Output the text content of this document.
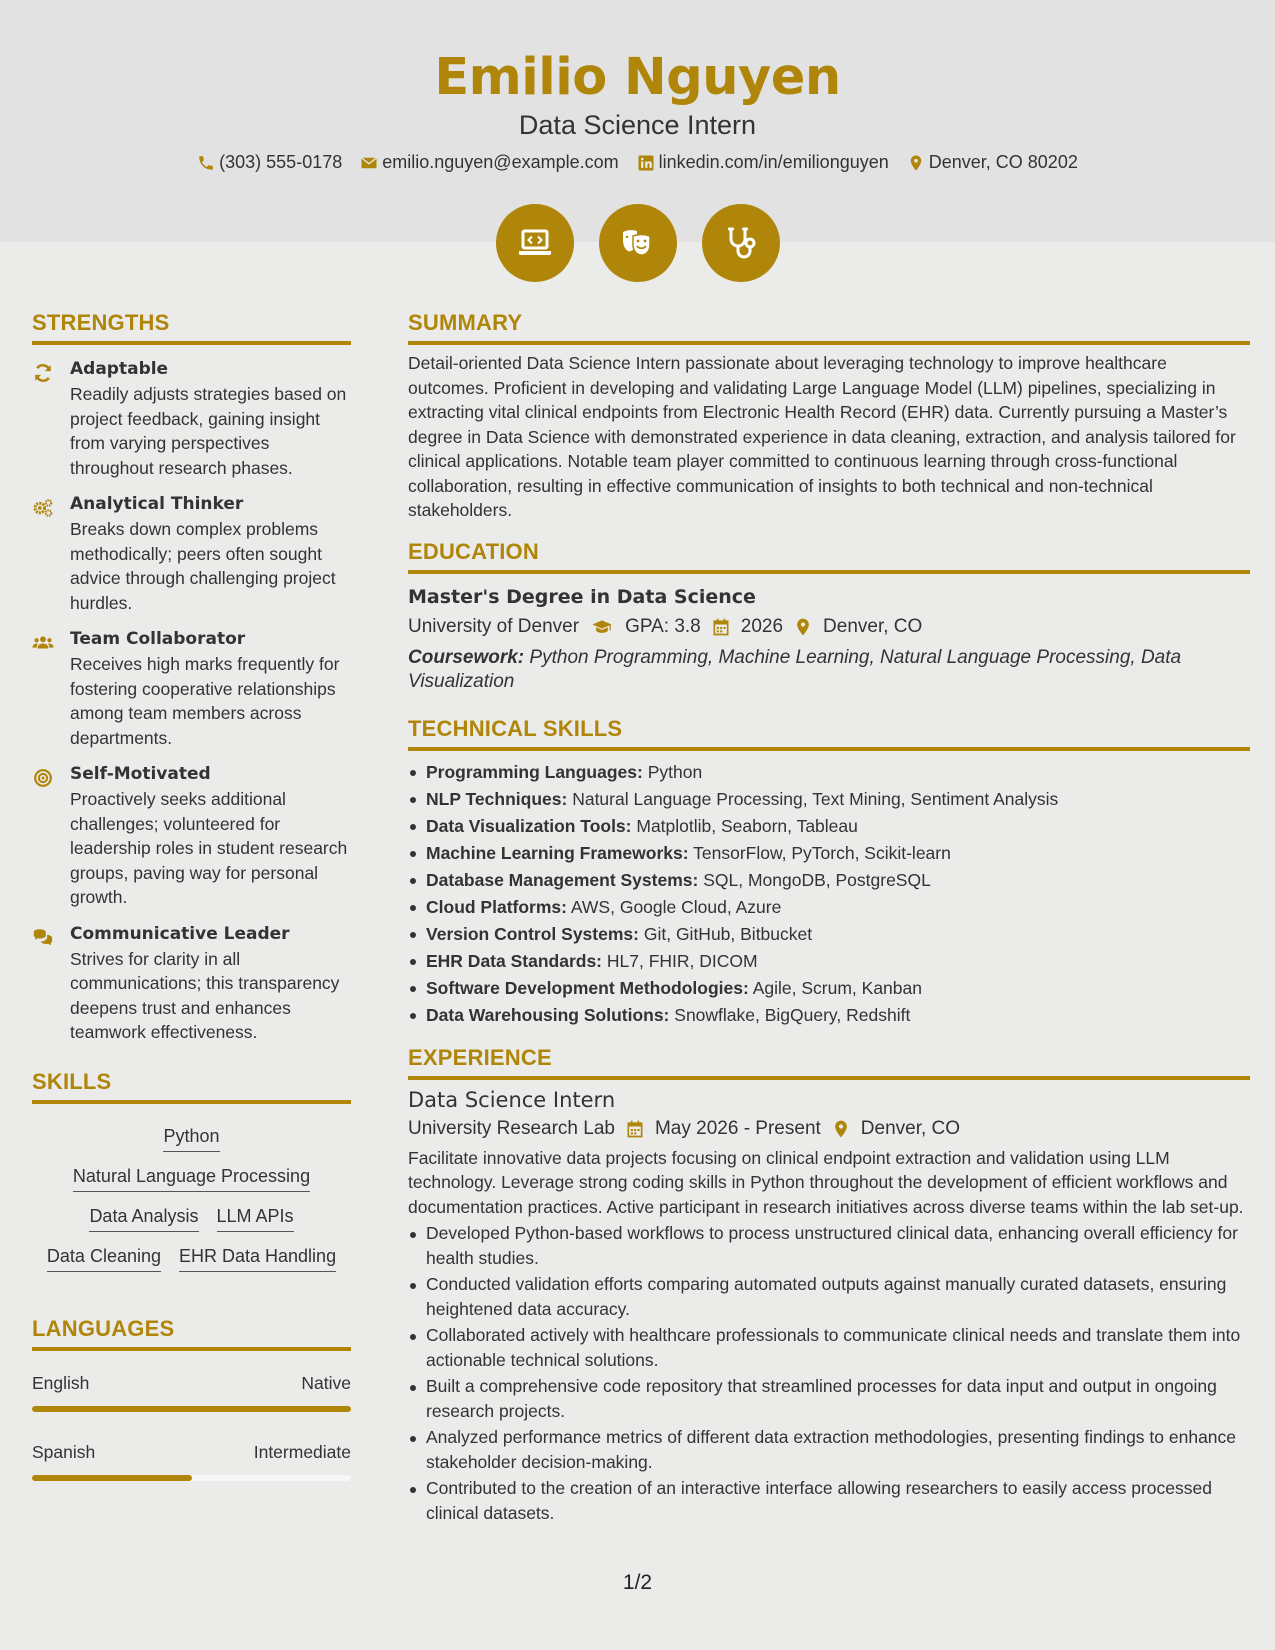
Emilio Nguyen
Data Science Intern
(303) 555-0178 emilio.nguyen@example.com linkedin.com/in/emilionguyen Denver, CO 80202
STRENGTHS
Adaptable
Readily adjusts strategies based on project feedback, gaining insight from varying perspectives throughout research phases.
Analytical Thinker
Breaks down complex problems methodically; peers often sought advice through challenging project hurdles.
Team Collaborator
Receives high marks frequently for fostering cooperative relationships among team members across departments.
Self-Motivated
Proactively seeks additional challenges; volunteered for leadership roles in student research groups, paving way for personal growth.
Communicative Leader
Strives for clarity in all communications; this transparency deepens trust and enhances teamwork effectiveness.
SKILLS
Python
Natural Language Processing
Data Analysis LLM APIs
Data Cleaning EHR Data Handling
LANGUAGES
English	Native
Spanish	Intermediate
SUMMARY
Detail-oriented Data Science Intern passionate about leveraging technology to improve healthcare outcomes. Proficient in developing and validating Large Language Model (LLM) pipelines, specializing in extracting vital clinical endpoints from Electronic Health Record (EHR) data. Currently pursuing a Master’s degree in Data Science with demonstrated experience in data cleaning, extraction, and analysis tailored for clinical applications. Notable team player committed to continuous learning through cross-functional collaboration, resulting in effective communication of insights to both technical and non-technical stakeholders.
EDUCATION
Master's Degree in Data Science
University of Denver GPA: 3.8 2026 Denver, CO
Coursework: Python Programming, Machine Learning, Natural Language Processing, Data Visualization
TECHNICAL SKILLS
Programming Languages: Python
NLP Techniques: Natural Language Processing, Text Mining, Sentiment Analysis
Data Visualization Tools: Matplotlib, Seaborn, Tableau
Machine Learning Frameworks: TensorFlow, PyTorch, Scikit-learn
Database Management Systems: SQL, MongoDB, PostgreSQL
Cloud Platforms: AWS, Google Cloud, Azure
Version Control Systems: Git, GitHub, Bitbucket
EHR Data Standards: HL7, FHIR, DICOM
Software Development Methodologies: Agile, Scrum, Kanban
Data Warehousing Solutions: Snowflake, BigQuery, Redshift
EXPERIENCE
Data Science Intern
University Research Lab May 2026 - Present Denver, CO
Facilitate innovative data projects focusing on clinical endpoint extraction and validation using LLM technology. Leverage strong coding skills in Python throughout the development of efficient workflows and documentation practices. Active participant in research initiatives across diverse teams within the lab set-up.
Developed Python-based workflows to process unstructured clinical data, enhancing overall efficiency for health studies.
Conducted validation efforts comparing automated outputs against manually curated datasets, ensuring heightened data accuracy.
Collaborated actively with healthcare professionals to communicate clinical needs and translate them into actionable technical solutions.
Built a comprehensive code repository that streamlined processes for data input and output in ongoing research projects.
Analyzed performance metrics of different data extraction methodologies, presenting findings to enhance stakeholder decision-making.
Contributed to the creation of an interactive interface allowing researchers to easily access processed clinical datasets.
1/2
